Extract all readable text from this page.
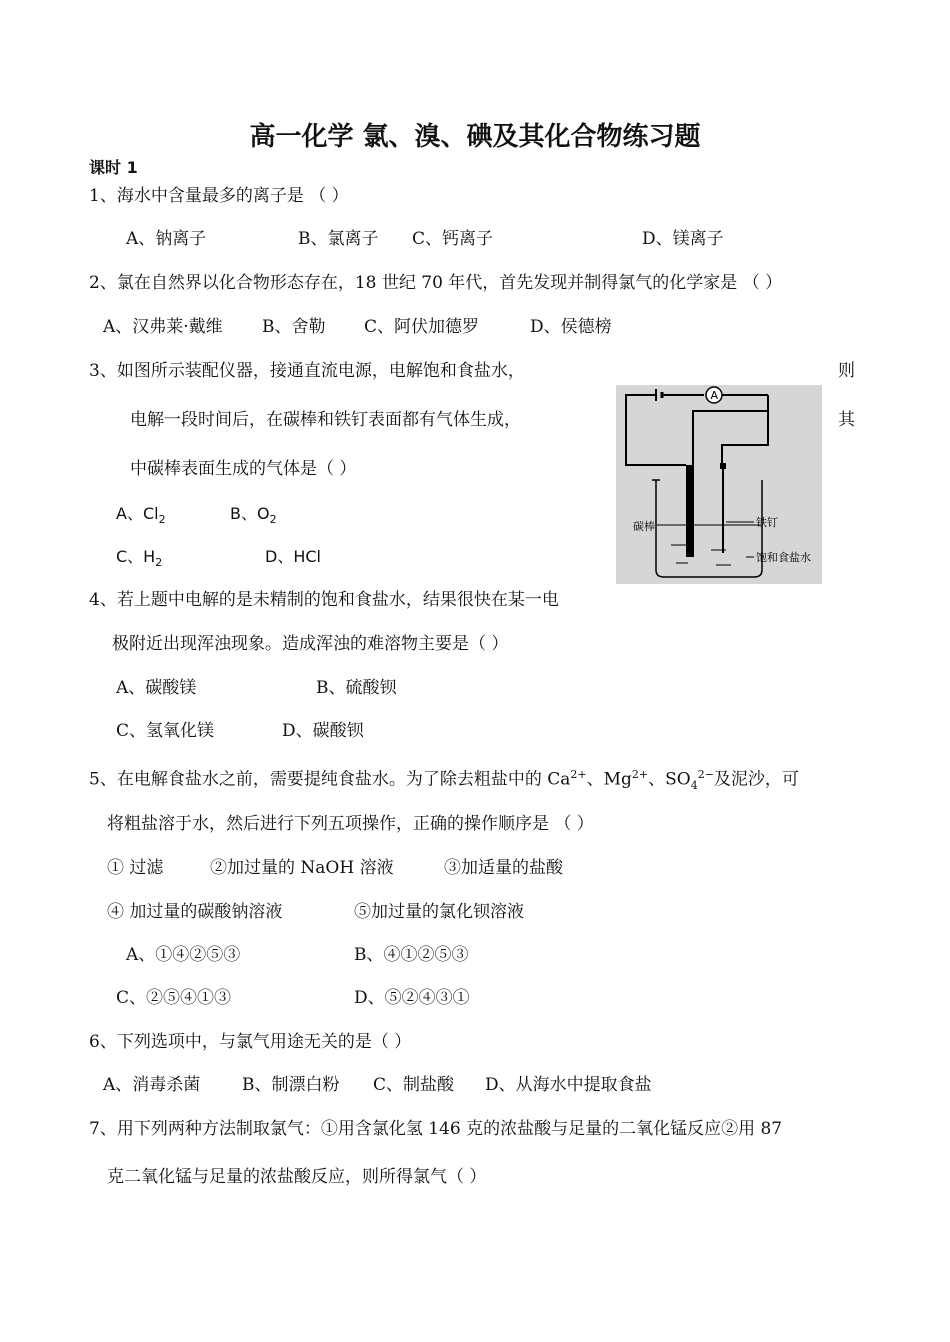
高一化学 氯、溴、碘及其化合物练习题
课时 1
1、海水中含量最多的离子是 （ ）
A、钠离子	B、氯离子 C、钙离子	D、镁离子
2、氯在自然界以化合物形态存在，18 世纪 70 年代，首先发现并制得氯气的化学家是 （ ）
A、汉弗莱·戴维 B、舍勒 C、阿伏加德罗	D、侯德榜
3、如图所示装配仪器，接通直流电源，电解饱和食盐水，	则
电解一段时间后，在碳棒和铁钉表面都有气体生成，	其
中碳棒表面生成的气体是（ ）
A、$Cl_2$	B、$O_2$
C、$H_2$	D、HCl
A
碳棒	铁钉
饱和食盐水
4、若上题中电解的是未精制的饱和食盐水，结果很快在某一电
极附近出现浑浊现象。造成浑浊的难溶物主要是（ ）
A、碳酸镁	B、硫酸钡
C、氢氧化镁	D、碳酸钡
5、在电解食盐水之前，需要提纯食盐水。为了除去粗盐中的 $Ca^{2+}$、$Mg^{2+}$、$SO_4^{2-}$及泥沙，可
将粗盐溶于水，然后进行下列五项操作，正确的操作顺序是 （ ）
① 过滤	②加过量的 NaOH 溶液	③加适量的盐酸
④ 加过量的碳酸钠溶液	⑤加过量的氯化钡溶液
A、①④②⑤③	B、④①②⑤③
C、②⑤④①③	D、⑤②④③①
6、下列选项中，与氯气用途无关的是（ ）
A、消毒杀菌 B、制漂白粉 C、制盐酸 D、从海水中提取食盐
7、用下列两种方法制取氯气：①用含氯化氢 146 克的浓盐酸与足量的二氧化锰反应②用 87
克二氧化锰与足量的浓盐酸反应，则所得氯气（ ）
